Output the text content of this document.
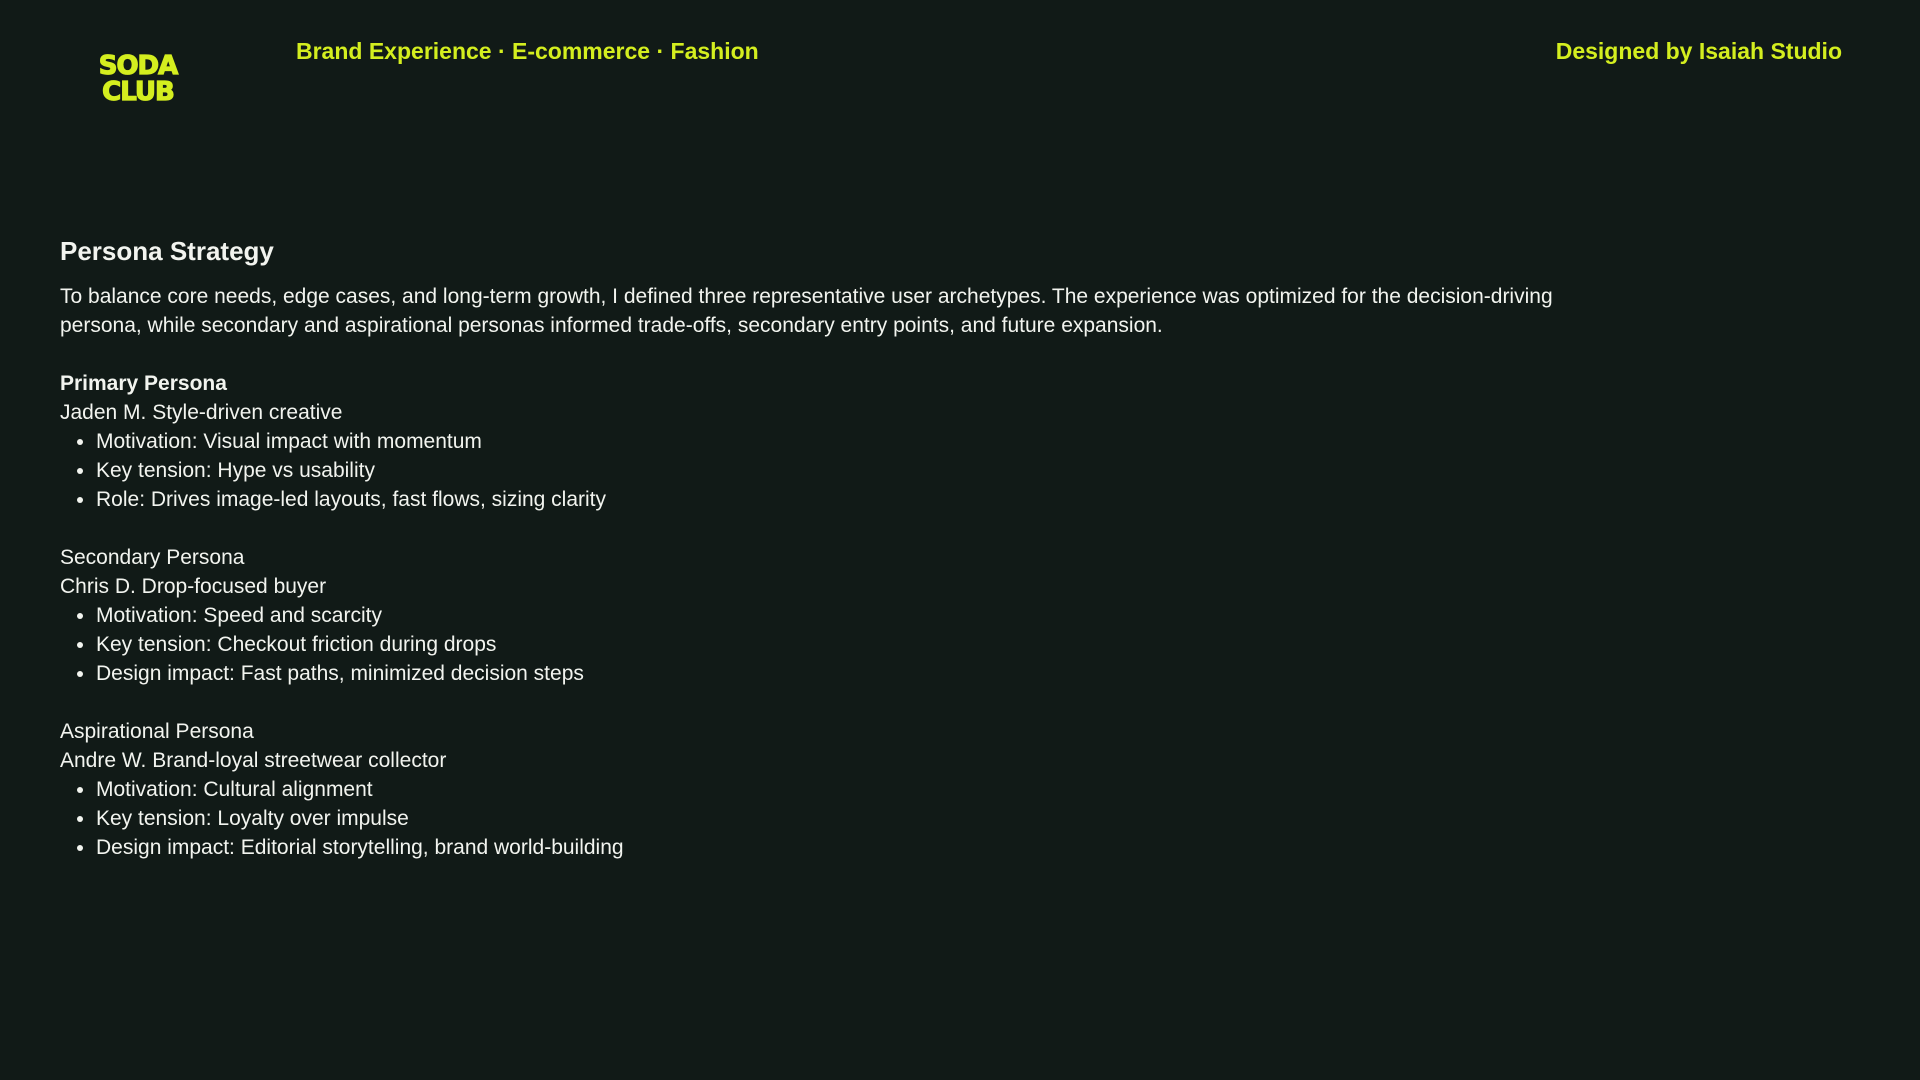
SODA
CLUB
Brand Experience · E-commerce · Fashion	Designed by Isaiah Studio
Persona Strategy

To balance core needs, edge cases, and long-term growth, I defined three representative user archetypes. The experience was optimized for the decision-driving persona, while secondary and aspirational personas informed trade-offs, secondary entry points, and future expansion.

Primary Persona

Jaden M. Style-driven creative

• Motivation: Visual impact with momentum
• Key tension: Hype vs usability
• Role: Drives image-led layouts, fast flows, sizing clarity

Secondary Persona

Chris D. Drop-focused buyer

• Motivation: Speed and scarcity
• Key tension: Checkout friction during drops
• Design impact: Fast paths, minimized decision steps

Aspirational Persona

Andre W. Brand-loyal streetwear collector

• Motivation: Cultural alignment
• Key tension: Loyalty over impulse
• Design impact: Editorial storytelling, brand world-building
